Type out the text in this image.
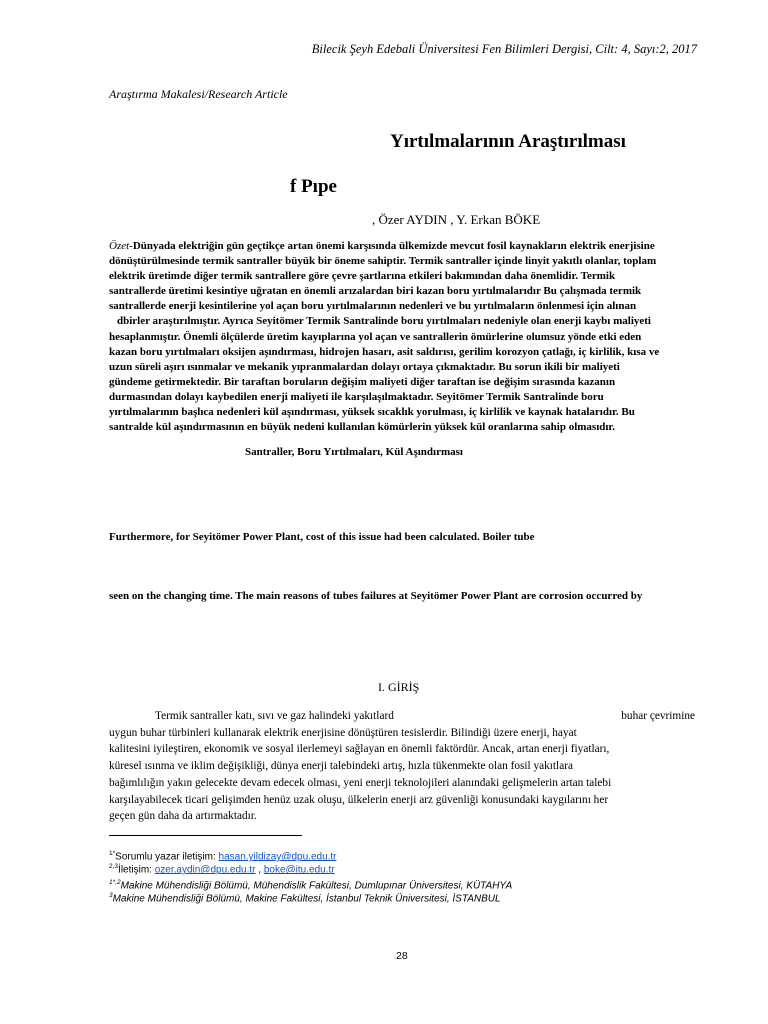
Bilecik Şeyh Edebali Üniversitesi Fen Bilimleri Dergisi, Cilt: 4, Sayı:2, 2017
Araştırma Makalesi/Research Article
Yırtılmalarının Araştırılması
f Pıpe
, Özer AYDIN , Y. Erkan BÖKE
Özet-Dünyada elektriğin gün geçtikçe artan önemi karşısında ülkemizde mevcut fosil kaynakların elektrik enerjisine
dönüştürülmesinde termik santraller büyük bir öneme sahiptir. Termik santraller içinde linyit yakıtlı olanlar, toplam
elektrik üretimde diğer termik santrallere göre çevre şartlarına etkileri bakımından daha önemlidir. Termik
santrallerde üretimi kesintiye uğratan en önemli arızalardan biri kazan boru yırtılmalarıdır Bu çalışmada termik
santrallerde enerji kesintilerine yol açan boru yırtılmalarının nedenleri ve bu yırtılmaların önlenmesi için alınan
dbirler araştırılmıştır. Ayrıca Seyitömer Termik Santralinde boru yırtılmaları nedeniyle olan enerji kaybı maliyeti
hesaplanmıştır. Önemli ölçülerde üretim kayıplarına yol açan ve santrallerin ömürlerine olumsuz yönde etki eden
kazan boru yırtılmaları oksijen aşındırması, hidrojen hasarı, asit saldırısı, gerilim korozyon çatlağı, iç kirlilik, kısa ve
uzun süreli aşırı ısınmalar ve mekanik yıpranmalardan dolayı ortaya çıkmaktadır. Bu sorun ikili bir maliyeti
gündeme getirmektedir. Bir taraftan boruların değişim maliyeti diğer taraftan ise değişim sırasında kazanın
durmasından dolayı kaybedilen enerji maliyeti ile karşılaşılmaktadır. Seyitömer Termik Santralinde boru
yırtılmalarının başlıca nedenleri kül aşındırması, yüksek sıcaklık yorulması, iç kirlilik ve kaynak hatalarıdır. Bu
santralde kül aşındırmasının en büyük nedeni kullanılan kömürlerin yüksek kül oranlarına sahip olmasıdır.
Santraller, Boru Yırtılmaları, Kül Aşındırması
Furthermore, for Seyitömer Power Plant, cost of this issue had been calculated. Boiler tube
seen on the changing time. The main reasons of tubes failures at Seyitömer Power Plant are corrosion occurred by
I. GİRİŞ
Termik santraller katı, sıvı ve gaz halindeki yakıtlard	buhar çevrimine
uygun buhar türbinleri kullanarak elektrik enerjisine dönüştüren tesislerdir. Bilindiği üzere enerji, hayat
kalitesini iyileştiren, ekonomik ve sosyal ilerlemeyi sağlayan en önemli faktördür. Ancak, artan enerji fiyatları,
küresel ısınma ve iklim değişikliği, dünya enerji talebindeki artış, hızla tükenmekte olan fosil yakıtlara
bağımlılığın yakın gelecekte devam edecek olması, yeni enerji teknolojileri alanındaki gelişmelerin artan talebi
karşılayabilecek ticari gelişimden henüz uzak oluşu, ülkelerin enerji arz güvenliği konusundaki kaygılarını her
geçen gün daha da artırmaktadır.
$^{1*}$Sorumlu yazar iletişim: hasan.yildizay@dpu.edu.tr
$^{2,3}$İletişim: ozer.aydin@dpu.edu.tr , boke@itu.edu.tr
$^{1*,2}$Makine Mühendisliği Bölümü, Mühendislik Fakültesi, Dumlupınar Üniversitesi, KÜTAHYA
$^3$Makine Mühendisliği Bölümü, Makine Fakültesi, İstanbul Teknik Üniversitesi, İSTANBUL
28
